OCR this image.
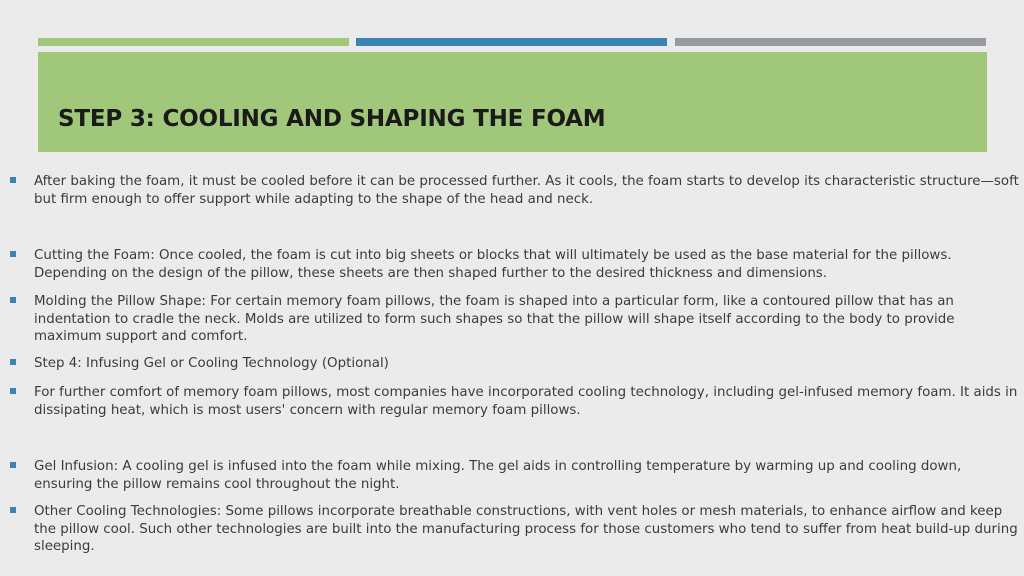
STEP 3: COOLING AND SHAPING THE FOAM
After baking the foam, it must be cooled before it can be processed further. As it cools, the foam starts to develop its characteristic structure—soft but firm enough to offer support while adapting to the shape of the head and neck.
Cutting the Foam: Once cooled, the foam is cut into big sheets or blocks that will ultimately be used as the base material for the pillows. Depending on the design of the pillow, these sheets are then shaped further to the desired thickness and dimensions.
Molding the Pillow Shape: For certain memory foam pillows, the foam is shaped into a particular form, like a contoured pillow that has an indentation to cradle the neck. Molds are utilized to form such shapes so that the pillow will shape itself according to the body to provide maximum support and comfort.
Step 4: Infusing Gel or Cooling Technology (Optional)
For further comfort of memory foam pillows, most companies have incorporated cooling technology, including gel-infused memory foam. It aids in dissipating heat, which is most users' concern with regular memory foam pillows.
Gel Infusion: A cooling gel is infused into the foam while mixing. The gel aids in controlling temperature by warming up and cooling down, ensuring the pillow remains cool throughout the night.
Other Cooling Technologies: Some pillows incorporate breathable constructions, with vent holes or mesh materials, to enhance airflow and keep the pillow cool. Such other technologies are built into the manufacturing process for those customers who tend to suffer from heat build-up during sleeping.
